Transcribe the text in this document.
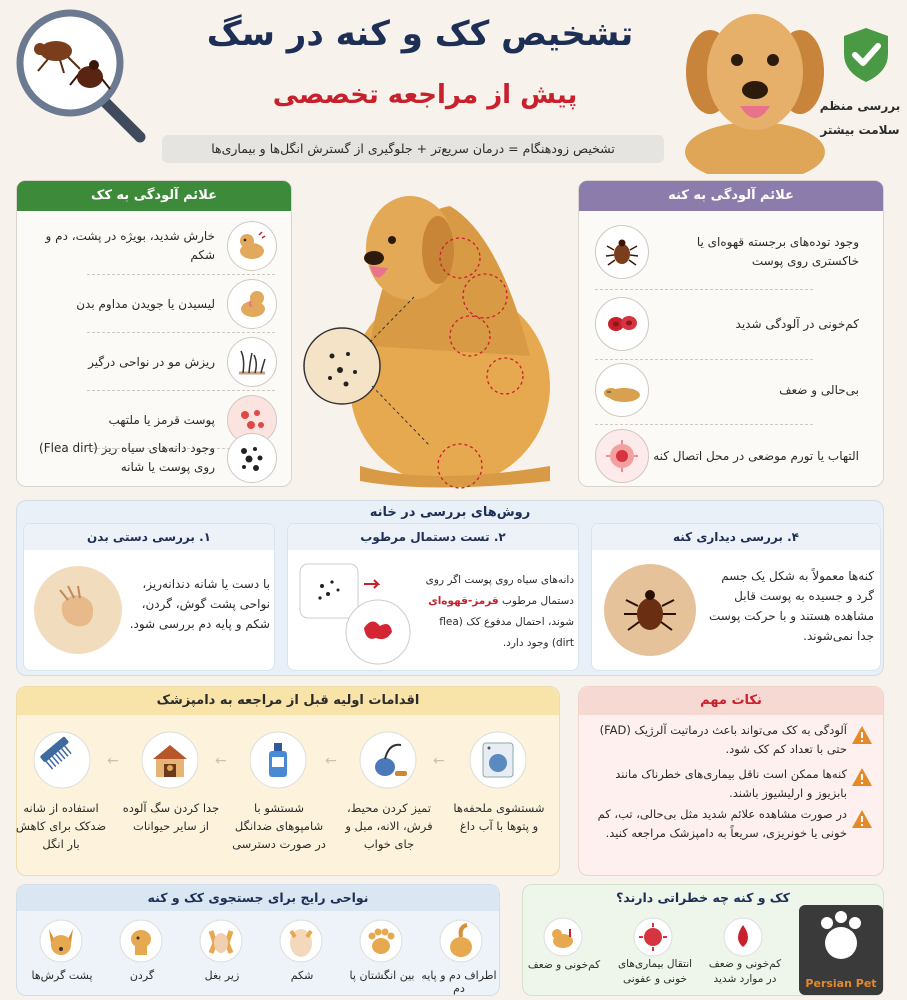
تشخیص کک و کنه در سگ
پیش از مراجعه تخصصی
تشخیص زودهنگام = درمان سریع‌تر + جلوگیری از گسترش انگل‌ها و بیماری‌ها
بررسی منظم
سلامت بیشتر
علائم آلودگی به کک
خارش شدید، بویژه در پشت، دم و شکم
لیسیدن یا جویدن مداوم بدن
ریزش مو در نواحی درگیر
پوست قرمز یا ملتهب
وجود دانه‌های سیاه ریز (Flea dirt) روی پوست یا شانه
علائم آلودگی به کنه
وجود توده‌های برجسته قهوه‌ای یا خاکستری روی پوست
کم‌خونی در آلودگی شدید
بی‌حالی و ضعف
التهاب یا تورم موضعی در محل اتصال کنه
روش‌های بررسی در خانه
۴. بررسی دیداری کنه
کنه‌ها معمولاً به شکل یک جسم گرد و جسیده به پوست قابل مشاهده هستند و با حرکت پوست جدا نمی‌شوند.
۲. تست دستمال مرطوب
دانه‌های سیاه روی پوست اگر روی دستمال مرطوب قرمز-قهوه‌ای شوند، احتمال مدفوع کک (flea dirt) وجود دارد.
۱. بررسی دستی بدن
با دست یا شانه دندانه‌ریز، نواحی پشت گوش، گردن، شکم و پایه دم بررسی شود.
اقدامات اولیه قبل از مراجعه به دامپزشک
←
←
←
←
شستشوی ملحفه‌ها و پتوها با آب داغ
تمیز کردن محیط، فرش، الانه، مبل و جای خواب
شستشو با شامپوهای ضدانگل در صورت دسترسی
جدا کردن سگ آلوده از سایر حیوانات
استفاده از شانه ضدکک برای کاهش بار انگل
نکات مهم
آلودگی به کک می‌تواند باعث درماتیت آلرژیک (FAD) حتی با تعداد کم کک شود.
کنه‌ها ممکن است ناقل بیماری‌های خطرناک مانند بابزیوز و ارلیشیوز باشند.
در صورت مشاهده علائم شدید مثل بی‌حالی، تب، کم خونی یا خونریزی، سریعاً به دامپزشک مراجعه کنید.
نواحی رایج برای جستجوی کک و کنه
پشت گرش‌ها	گردن	زیر بغل	شکم	بین انگشتان پا اطراف دم و پایه دم
کک و کنه چه خطراتی دارند؟
کم‌خونی و ضعف انتقال بیماری‌های خونی و عفونی
کم‌خونی و ضعف در موارد شدید	Persian Pet
